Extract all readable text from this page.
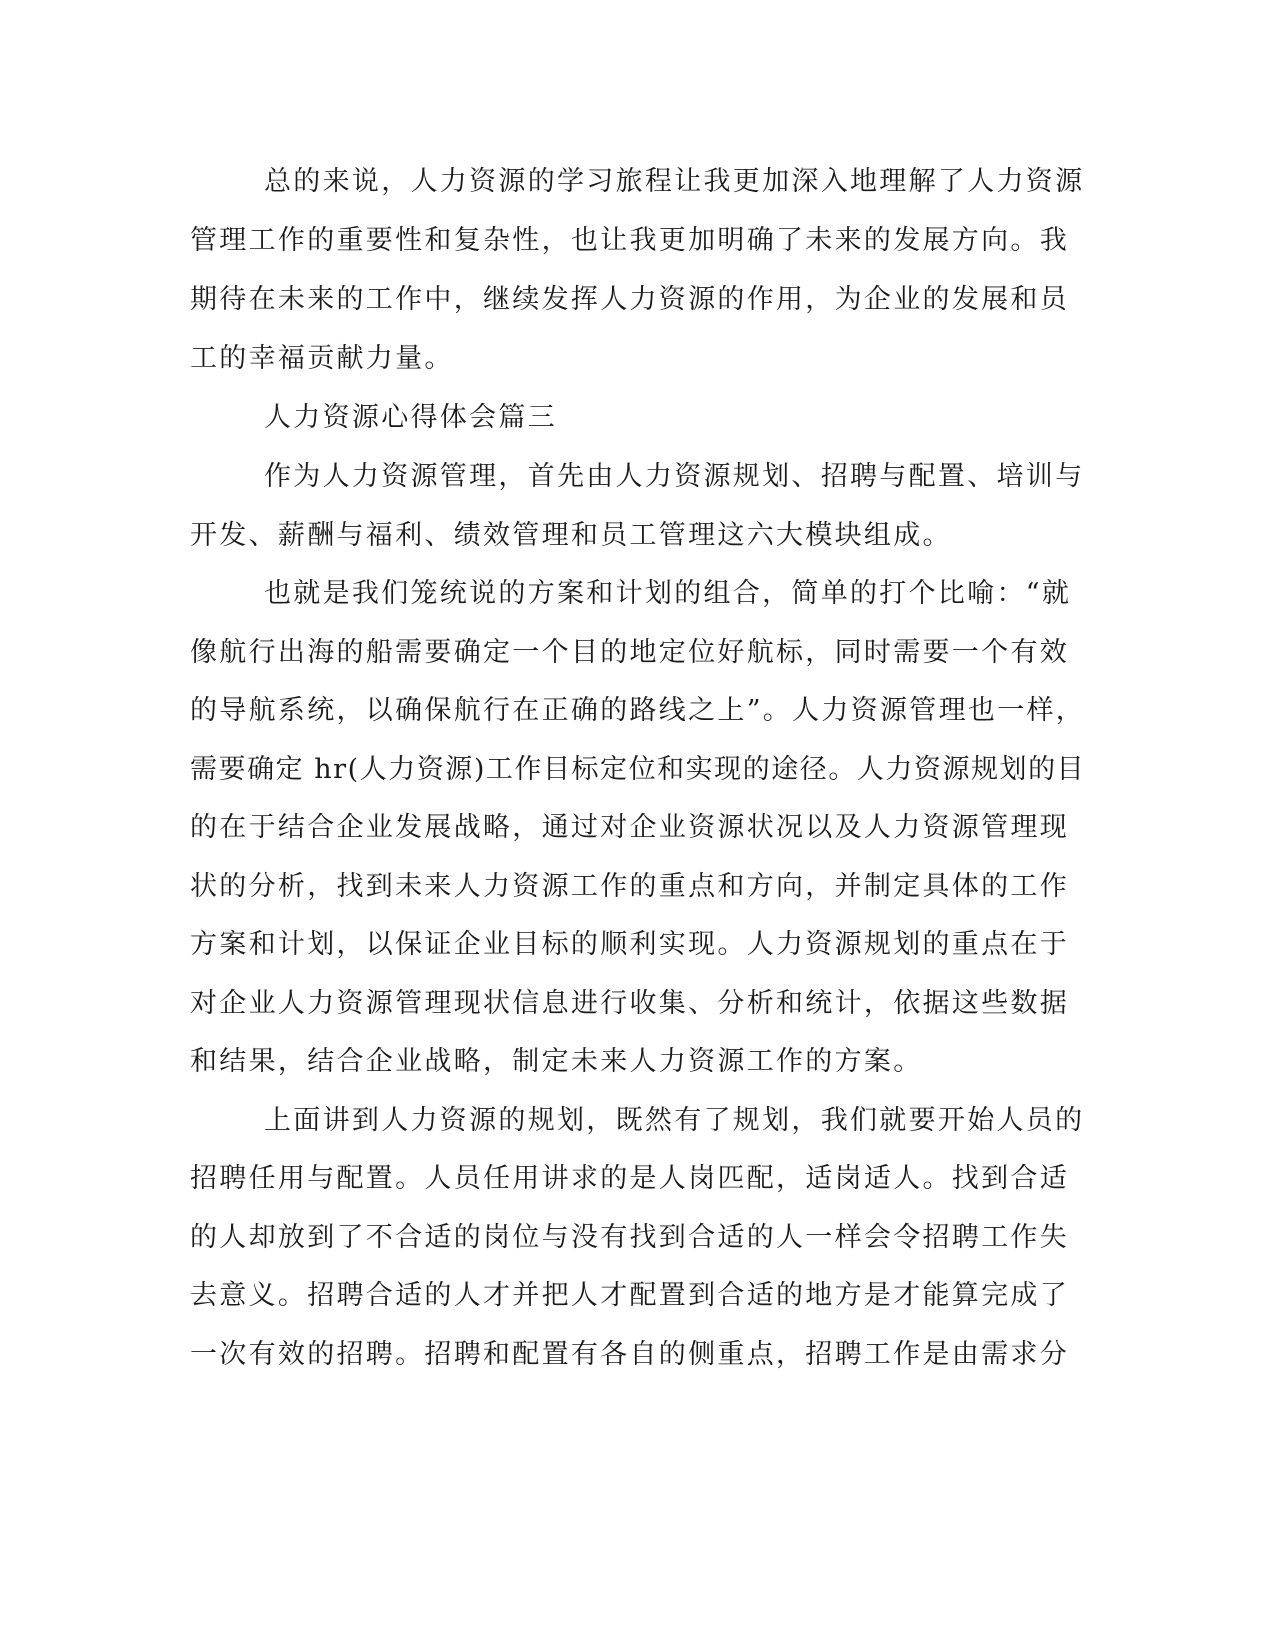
总的来说，人力资源的学习旅程让我更加深入地理解了人力资源
管理工作的重要性和复杂性，也让我更加明确了未来的发展方向。我
期待在未来的工作中，继续发挥人力资源的作用，为企业的发展和员
工的幸福贡献力量。
人力资源心得体会篇三
作为人力资源管理，首先由人力资源规划、招聘与配置、培训与
开发、薪酬与福利、绩效管理和员工管理这六大模块组成。
也就是我们笼统说的方案和计划的组合，简单的打个比喻：“就
像航行出海的船需要确定一个目的地定位好航标，同时需要一个有效
的导航系统，以确保航行在正确的路线之上”。人力资源管理也一样，
需要确定 hr(人力资源)工作目标定位和实现的途径。人力资源规划的目
的在于结合企业发展战略，通过对企业资源状况以及人力资源管理现
状的分析，找到未来人力资源工作的重点和方向，并制定具体的工作
方案和计划，以保证企业目标的顺利实现。人力资源规划的重点在于
对企业人力资源管理现状信息进行收集、分析和统计，依据这些数据
和结果，结合企业战略，制定未来人力资源工作的方案。
上面讲到人力资源的规划，既然有了规划，我们就要开始人员的
招聘任用与配置。人员任用讲求的是人岗匹配，适岗适人。找到合适
的人却放到了不合适的岗位与没有找到合适的人一样会令招聘工作失
去意义。招聘合适的人才并把人才配置到合适的地方是才能算完成了
一次有效的招聘。招聘和配置有各自的侧重点，招聘工作是由需求分
